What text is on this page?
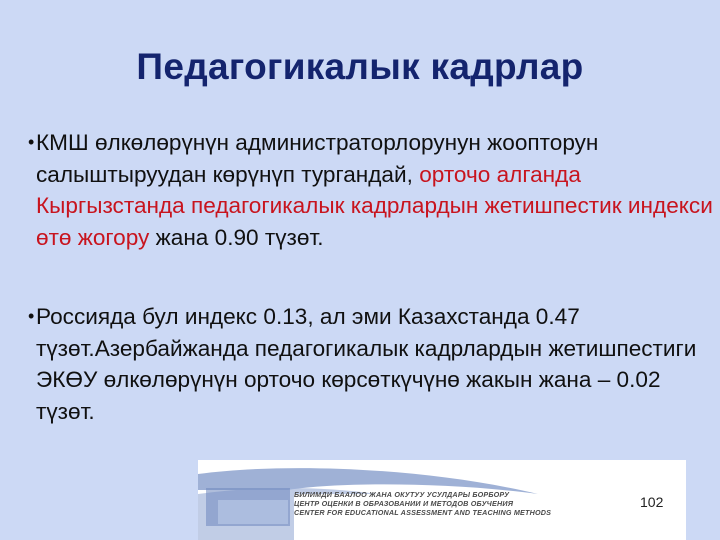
Педагогикалык кадрлар
• КМШ өлкөлөрүнүн администраторлорунун жоопторун салыштыруудан көрүнүп тургандай, орточо алганда Кыргызстанда педагогикалык кадрлардын жетишпестик индекси өтө жогору жана 0.90 түзөт.
• Россияда бул индекс 0.13, ал эми Казахстанда 0.47 түзөт.Азербайжанда педагогикалык кадрлардын жетишпестиги ЭКӨУ өлкөлөрүнүн орточо көрсөткүчүнө жакын жана – 0.02 түзөт.
БИЛИМДИ БААЛОО ЖАНА ОКУТУУ УСУЛДАРЫ БОРБОРУ
ЦЕНТР ОЦЕНКИ В ОБРАЗОВАНИИ И МЕТОДОВ ОБУЧЕНИЯ
CENTER FOR EDUCATIONAL ASSESSMENT AND TEACHING METHODS
102
